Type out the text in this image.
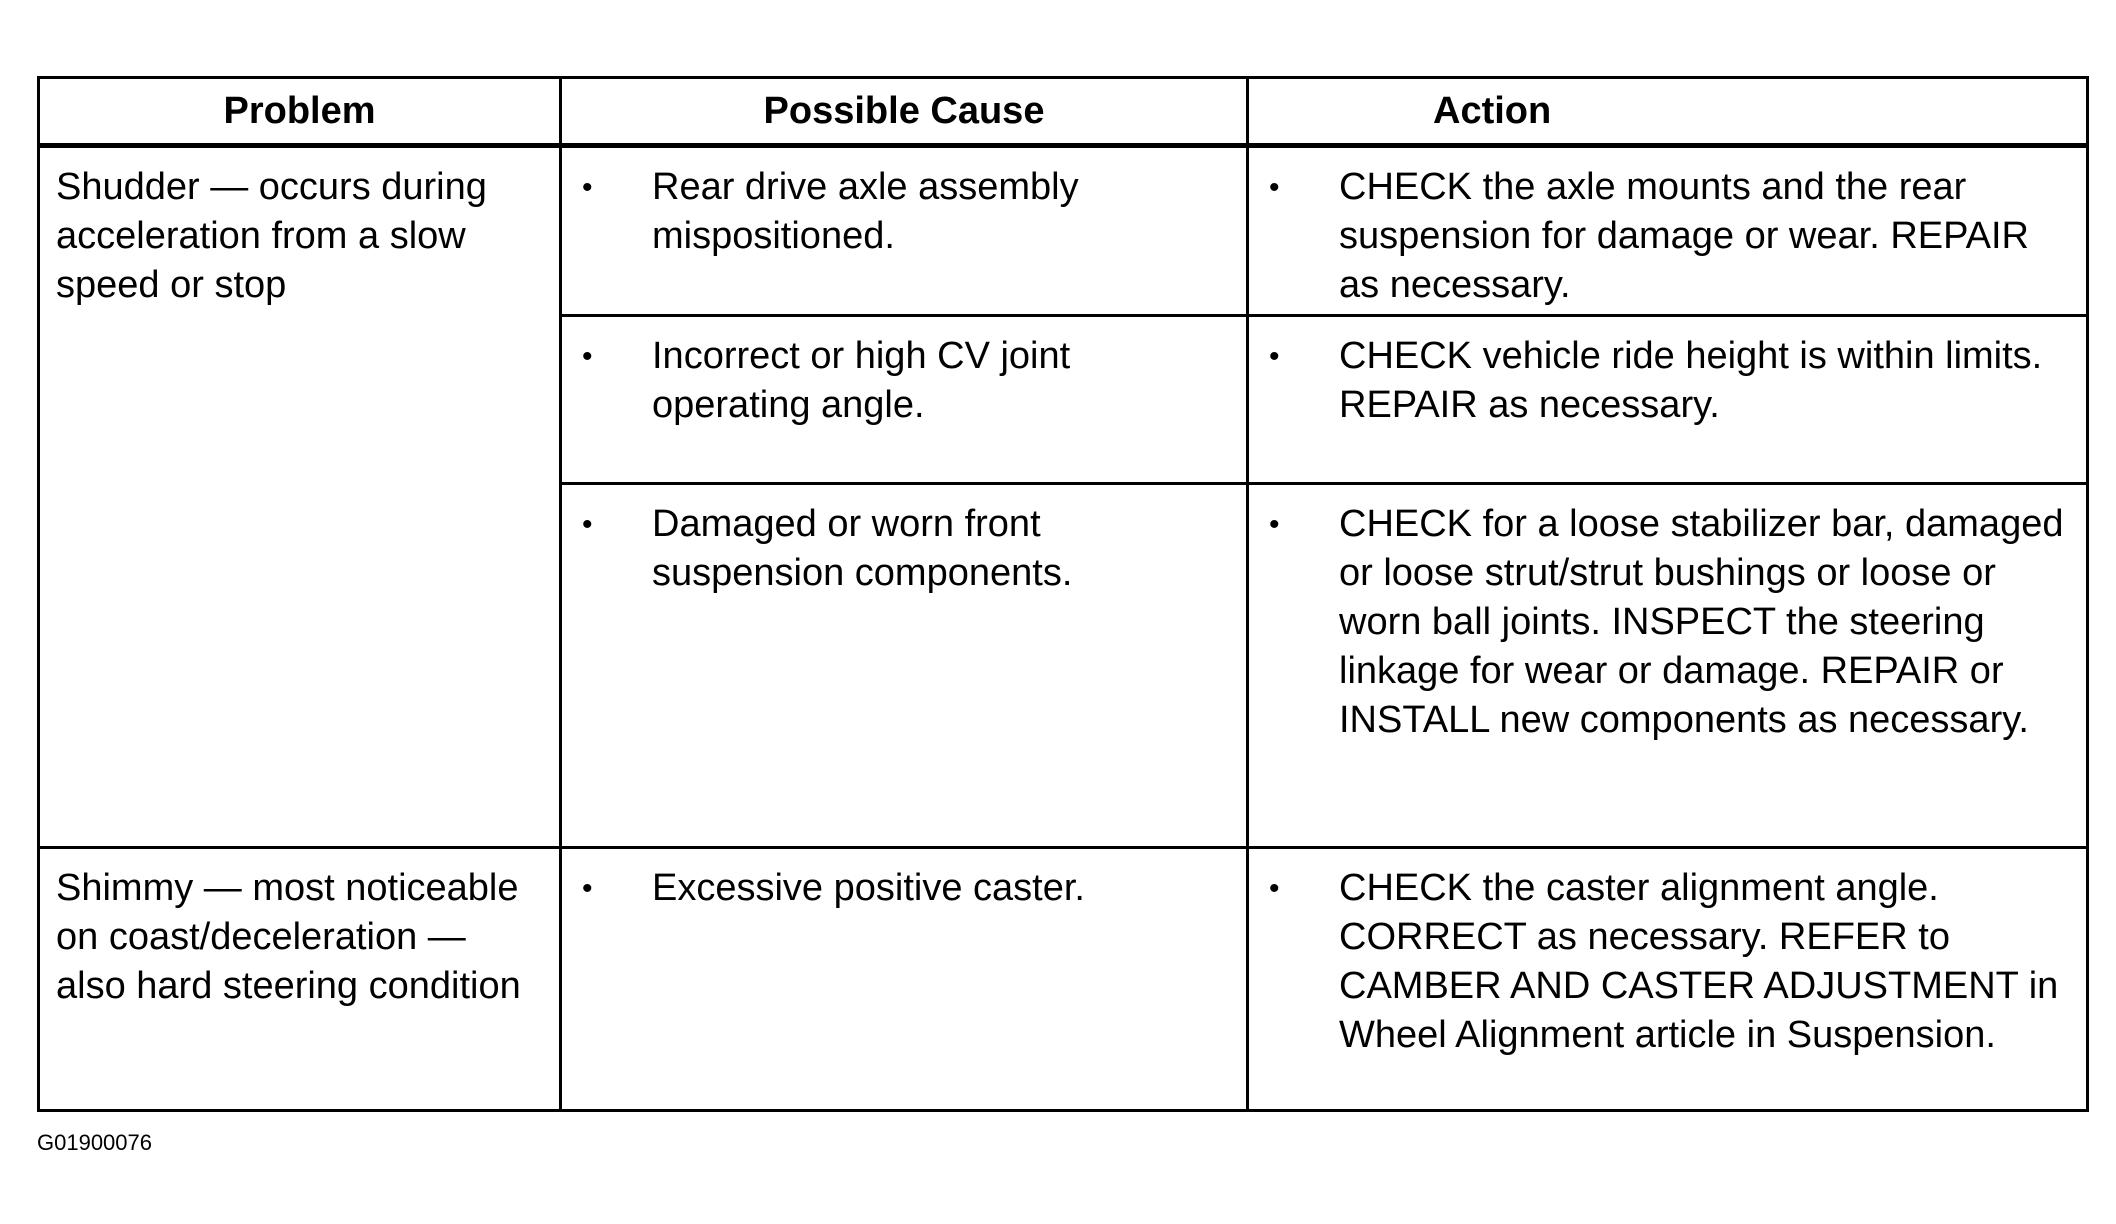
Problem	Possible Cause	Action

Shudder — occurs during acceleration from a slow speed or stop	• Rear drive axle assembly mispositioned.	• CHECK the axle mounts and the rear suspension for damage or wear. REPAIR as necessary.

	• Incorrect or high CV joint operating angle.	• CHECK vehicle ride height is within limits. REPAIR as necessary.

	• Damaged or worn front suspension components.	• CHECK for a loose stabilizer bar, damaged or loose strut/strut bushings or loose or worn ball joints. INSPECT the steering linkage for wear or damage. REPAIR or INSTALL new components as necessary.

Shimmy — most noticeable on coast/deceleration — also hard steering condition	• Excessive positive caster.	• CHECK the caster alignment angle. CORRECT as necessary. REFER to CAMBER AND CASTER ADJUSTMENT in Wheel Alignment article in Suspension.
G01900076
